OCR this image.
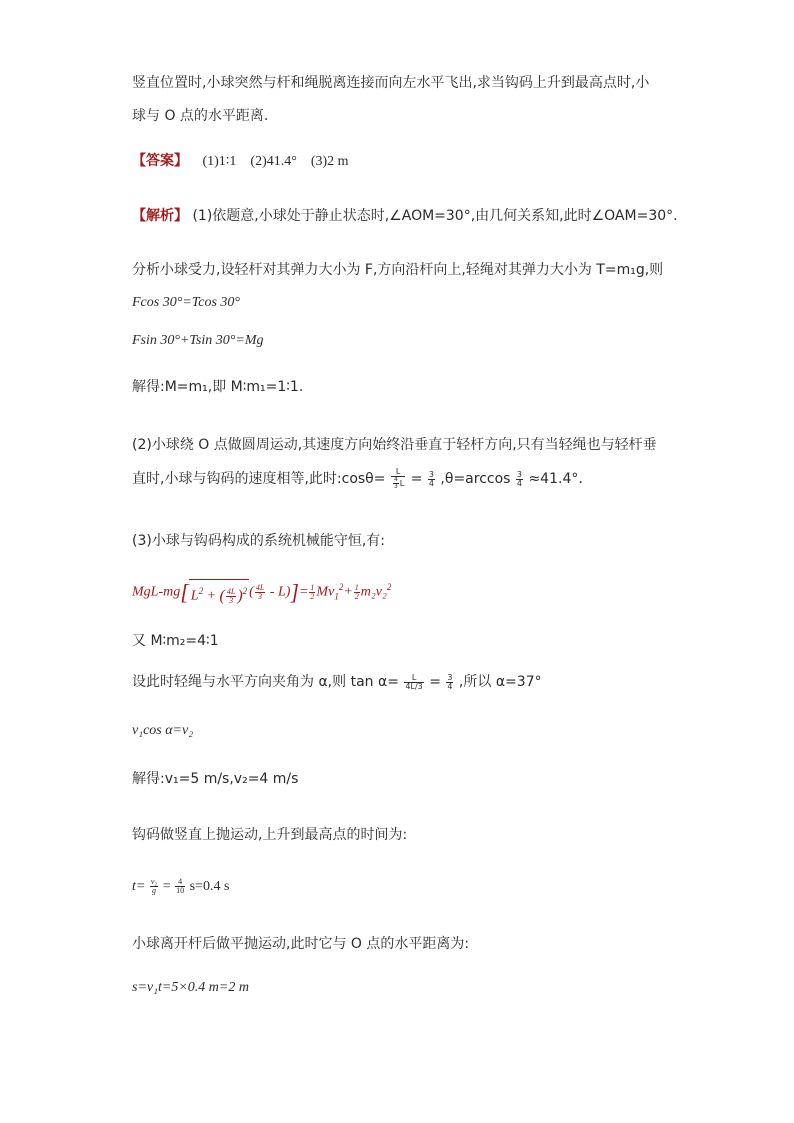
竖直位置时,小球突然与杆和绳脱离连接而向左水平飞出,求当钩码上升到最高点时,小
球与 O 点的水平距离.
【答案】 (1)1∶1　(2)41.4°　(3)2 m
【解析】 (1)依题意,小球处于静止状态时,∠AOM=30°,由几何关系知,此时∠OAM=30°.
分析小球受力,设轻杆对其弹力大小为 F,方向沿杆向上,轻绳对其弹力大小为 T=m₁g,则
Fcos 30°=Tcos 30°
Fsin 30°+Tsin 30°=Mg
解得:M=m₁,即 M∶m₁=1∶1.
(2)小球绕 O 点做圆周运动,其速度方向始终沿垂直于轻杆方向,只有当轻绳也与轻杆垂
直时,小球与钩码的速度相等,此时:cosθ= $\frac{L}{\frac{4}{3} L} = \frac{3}{4} ,\theta=\arccos \frac{3}{4} \approx 41.4^\circ$.
(3)小球与钩码构成的系统机械能守恒,有:
MgL-mg[ $L^2$ + ( $\frac{4L}{3} )^2$ ( $\frac{4L}{3} - L)]= \frac{1}{2} Mv_1^2+ \frac{1}{2} m_2v_2^2$
又 M∶m₂=4∶1
设此时轻绳与水平方向夹角为 α,则 $\tan \alpha= \frac{L}{4L/3} = \frac{3}{4}$ ,所以 α=37°
v₁cos α=v₂
解得:v₁=5 m/s,v₂=4 m/s
钩码做竖直上抛运动,上升到最高点的时间为:
$t= \frac{\text{v₂}}{g} = \frac{4}{10} s=0.4$ s
小球离开杆后做平抛运动,此时它与 O 点的水平距离为:
s=v₁t=5×0.4 m=2 m
